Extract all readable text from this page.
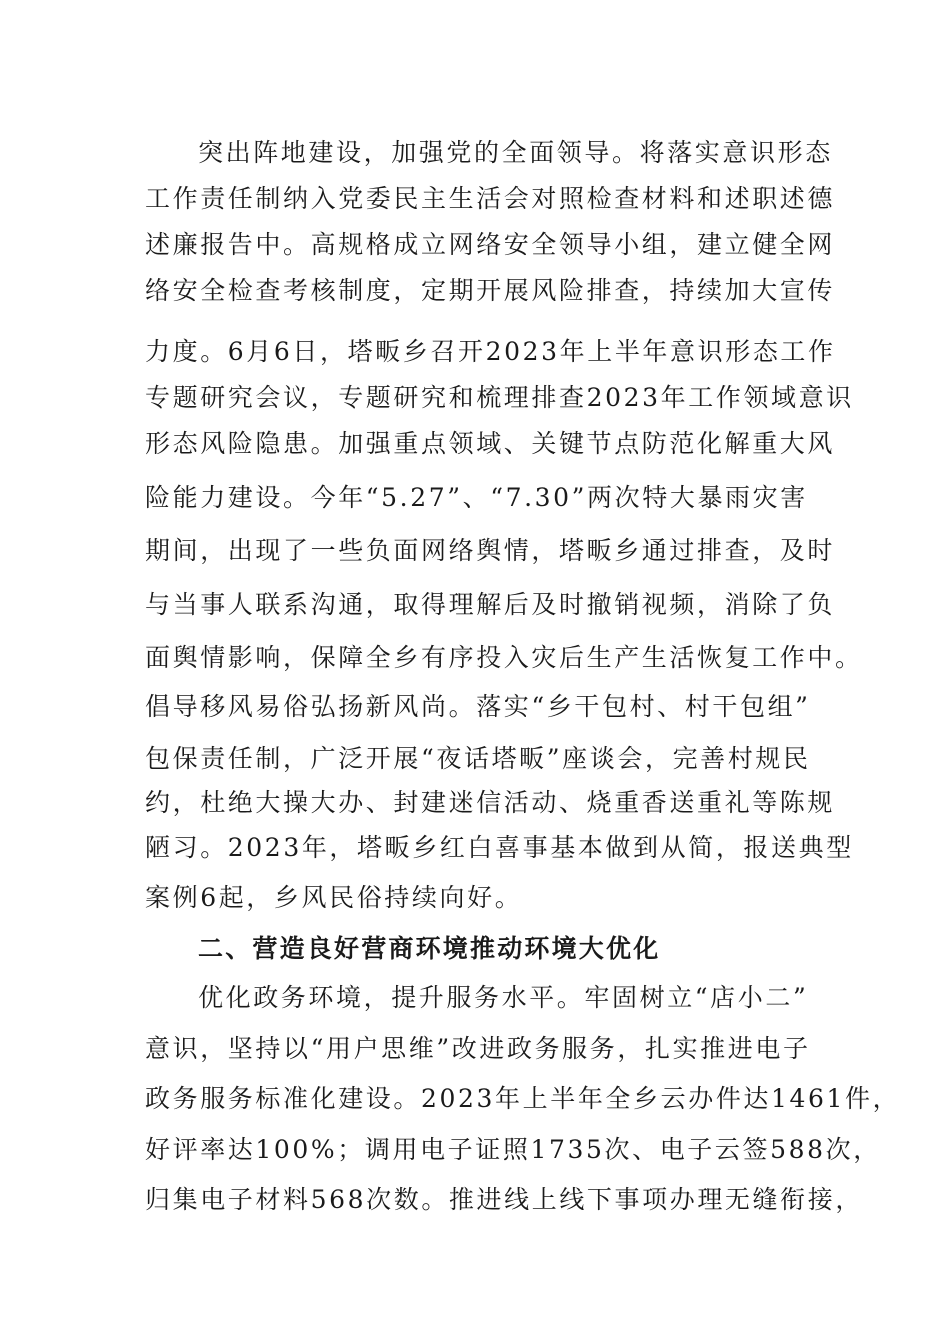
突出阵地建设，加强党的全面领导。将落实意识形态
工作责任制纳入党委民主生活会对照检查材料和述职述德
述廉报告中。高规格成立网络安全领导小组，建立健全网
络安全检查考核制度，定期开展风险排查，持续加大宣传
力度。6月6日，塔畈乡召开2023年上半年意识形态工作
专题研究会议，专题研究和梳理排查2023年工作领域意识
形态风险隐患。加强重点领域、关键节点防范化解重大风
险能力建设。今年“5.27”、“7.30”两次特大暴雨灾害
期间，出现了一些负面网络舆情，塔畈乡通过排查，及时
与当事人联系沟通，取得理解后及时撤销视频，消除了负
面舆情影响，保障全乡有序投入灾后生产生活恢复工作中。
倡导移风易俗弘扬新风尚。落实“乡干包村、村干包组”
包保责任制，广泛开展“夜话塔畈”座谈会，完善村规民
约，杜绝大操大办、封建迷信活动、烧重香送重礼等陈规
陋习。2023年，塔畈乡红白喜事基本做到从简，报送典型
案例6起，乡风民俗持续向好。
二、营造良好营商环境推动环境大优化
优化政务环境，提升服务水平。牢固树立“店小二”
意识，坚持以“用户思维”改进政务服务，扎实推进电子
政务服务标准化建设。2023年上半年全乡云办件达1461件，
好评率达100%；调用电子证照1735次、电子云签588次，
归集电子材料568次数。推进线上线下事项办理无缝衔接，
